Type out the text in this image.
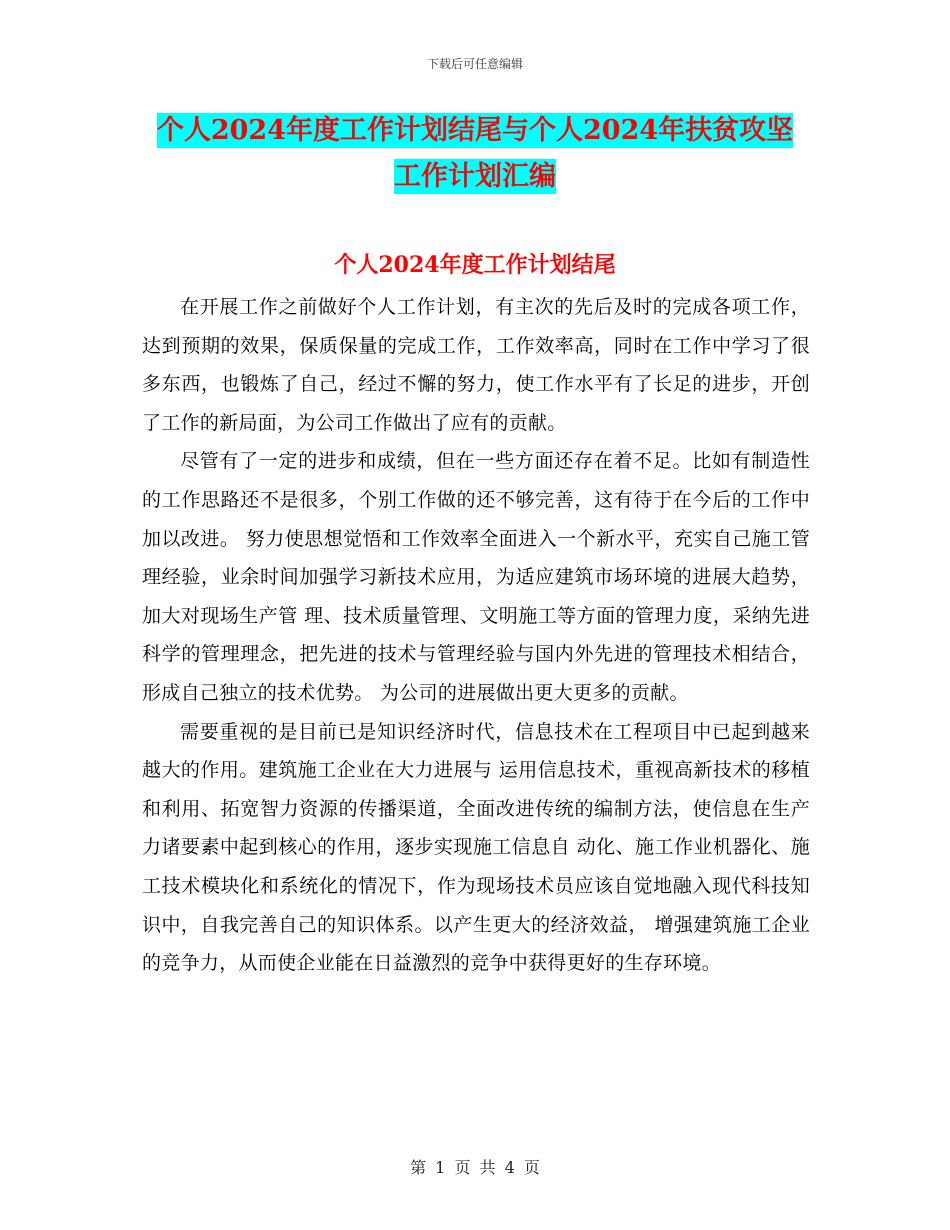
下载后可任意编辑
个人2024年度工作计划结尾与个人2024年扶贫攻坚
工作计划汇编
个人2024年度工作计划结尾

在开展工作之前做好个人工作计划，有主次的先后及时的完成各项工作，达到预期的效果，保质保量的完成工作，工作效率高，同时在工作中学习了很多东西，也锻炼了自己，经过不懈的努力，使工作水平有了长足的进步，开创了工作的新局面，为公司工作做出了应有的贡献。

尽管有了一定的进步和成绩，但在一些方面还存在着不足。比如有制造性的工作思路还不是很多，个别工作做的还不够完善，这有待于在今后的工作中加以改进。 努力使思想觉悟和工作效率全面进入一个新水平，充实自己施工管理经验，业余时间加强学习新技术应用，为适应建筑市场环境的进展大趋势，加大对现场生产管 理、技术质量管理、文明施工等方面的管理力度，采纳先进科学的管理理念，把先进的技术与管理经验与国内外先进的管理技术相结合，形成自己独立的技术优势。 为公司的进展做出更大更多的贡献。

需要重视的是目前已是知识经济时代，信息技术在工程项目中已起到越来越大的作用。建筑施工企业在大力进展与 运用信息技术，重视高新技术的移植和利用、拓宽智力资源的传播渠道，全面改进传统的编制方法，使信息在生产力诸要素中起到核心的作用，逐步实现施工信息自 动化、施工作业机器化、施工技术模块化和系统化的情况下，作为现场技术员应该自觉地融入现代科技知识中，自我完善自己的知识体系。以产生更大的经济效益， 增强建筑施工企业的竞争力，从而使企业能在日益激烈的竞争中获得更好的生存环境。

第 1 页 共 4 页
